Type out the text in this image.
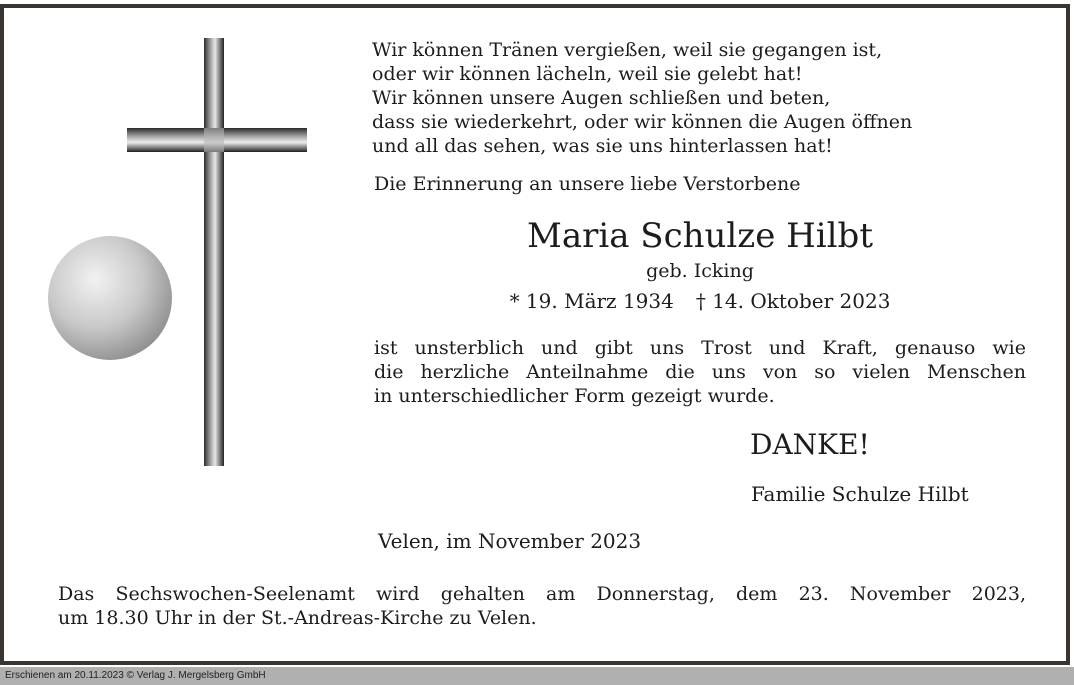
Wir können Tränen vergießen, weil sie gegangen ist,
oder wir können lächeln, weil sie gelebt hat!
Wir können unsere Augen schließen und beten,
dass sie wiederkehrt, oder wir können die Augen öffnen
und all das sehen, was sie uns hinterlassen hat!
Die Erinnerung an unsere liebe Verstorbene
Maria Schulze Hilbt
geb. Icking
* 19. März 1934 † 14. Oktober 2023
ist unsterblich und gibt uns Trost und Kraft, genauso wie
die herzliche Anteilnahme die uns von so vielen Menschen
in unterschiedlicher Form gezeigt wurde.
DANKE!
Familie Schulze Hilbt
Velen, im November 2023
Das Sechswochen-Seelenamt wird gehalten am Donnerstag, dem 23. November 2023,
um 18.30 Uhr in der St.-Andreas-Kirche zu Velen.
Erschienen am 20.11.2023 © Verlag J. Mergelsberg GmbH
